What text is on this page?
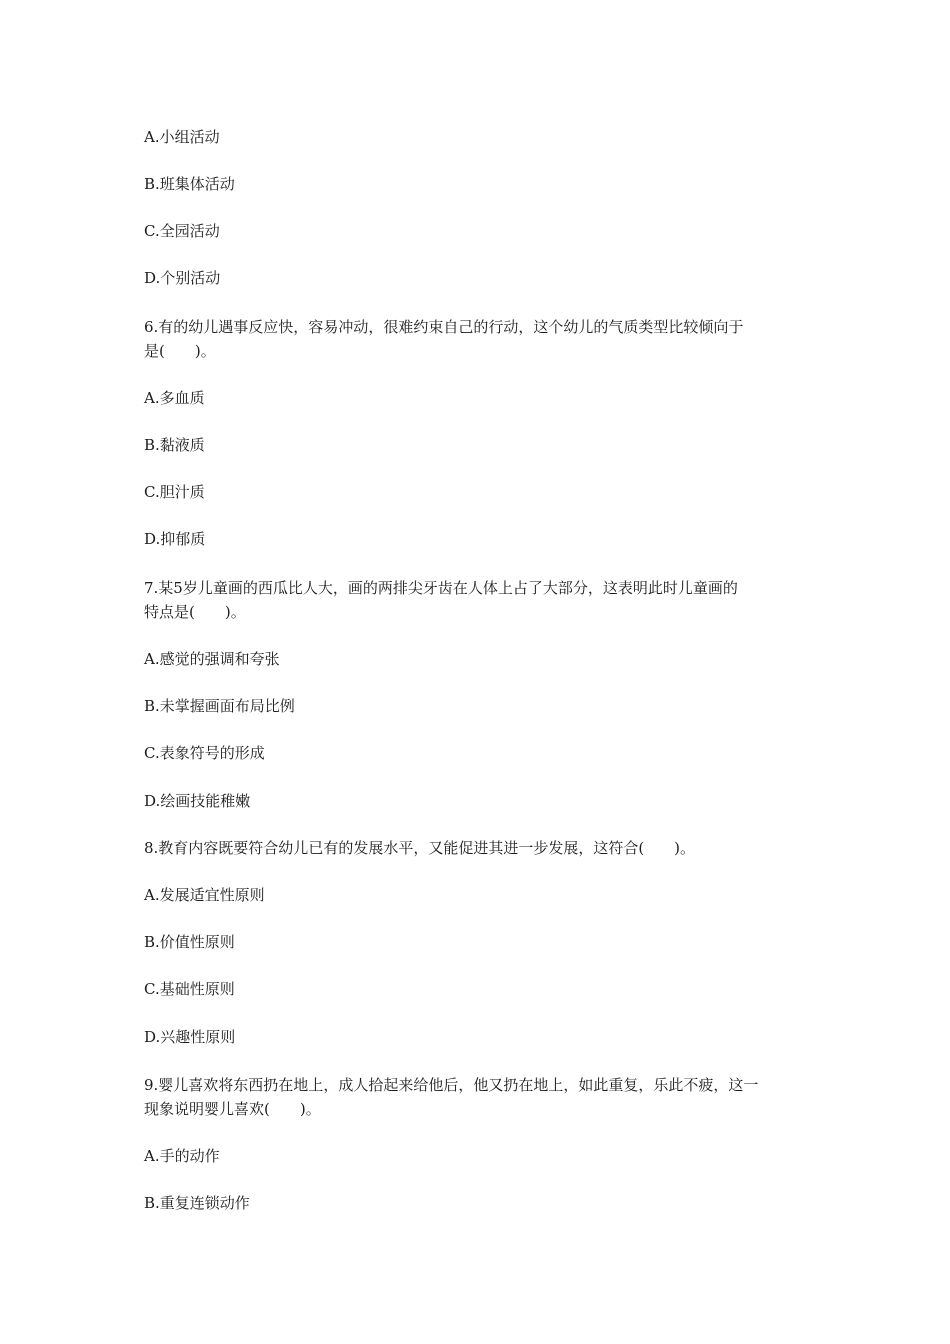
A.小组活动
B.班集体活动
C.全园活动
D.个别活动
6.有的幼儿遇事反应快，容易冲动，很难约束自己的行动，这个幼儿的气质类型比较倾向于
是(　　)。
A.多血质
B.黏液质
C.胆汁质
D.抑郁质
7.某5岁儿童画的西瓜比人大，画的两排尖牙齿在人体上占了大部分，这表明此时儿童画的
特点是(　　)。
A.感觉的强调和夸张
B.未掌握画面布局比例
C.表象符号的形成
D.绘画技能稚嫩
8.教育内容既要符合幼儿已有的发展水平，又能促进其进一步发展，这符合(　　)。
A.发展适宜性原则
B.价值性原则
C.基础性原则
D.兴趣性原则
9.婴儿喜欢将东西扔在地上，成人拾起来给他后，他又扔在地上，如此重复，乐此不疲，这一
现象说明婴儿喜欢(　　)。
A.手的动作
B.重复连锁动作
